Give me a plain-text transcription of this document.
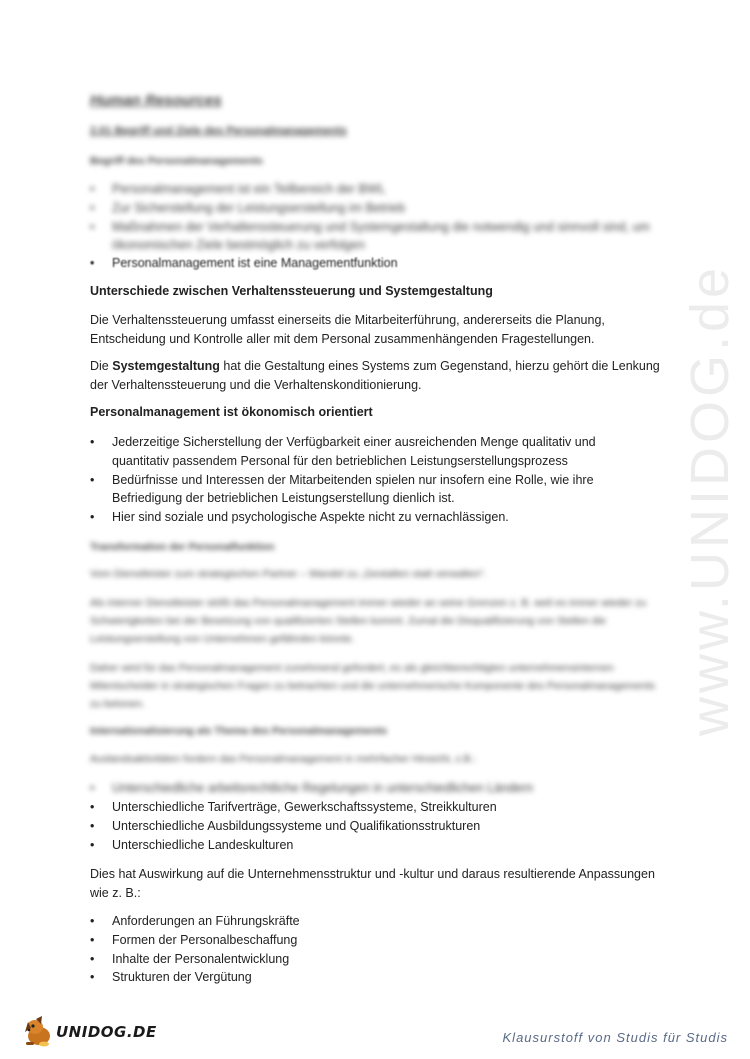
Human Resources
2.01 Begriff und Ziele des Personalmanagements
Begriff des Personalmanagements
• Personalmanagement ist ein Teilbereich der BWL
• Zur Sicherstellung der Leistungserstellung im Betrieb
• Maßnahmen der Verhaltenssteuerung und Systemgestaltung die notwendig und sinnvoll sind, um ökonomischen Ziele bestmöglich zu verfolgen
• Personalmanagement ist eine Managementfunktion
Unterschiede zwischen Verhaltenssteuerung und Systemgestaltung
Die Verhaltenssteuerung umfasst einerseits die Mitarbeiterführung, andererseits die Planung, Entscheidung und Kontrolle aller mit dem Personal zusammenhängenden Fragestellungen.
Die Systemgestaltung hat die Gestaltung eines Systems zum Gegenstand, hierzu gehört die Lenkung der Verhaltenssteuerung und die Verhaltenskonditionierung.
Personalmanagement ist ökonomisch orientiert
• Jederzeitige Sicherstellung der Verfügbarkeit einer ausreichenden Menge qualitativ und quantitativ passendem Personal für den betrieblichen Leistungserstellungsprozess
• Bedürfnisse und Interessen der Mitarbeitenden spielen nur insofern eine Rolle, wie ihre Befriedigung der betrieblichen Leistungserstellung dienlich ist.
• Hier sind soziale und psychologische Aspekte nicht zu vernachlässigen.
Transformation der Personalfunktion
Vom Dienstleister zum strategischen Partner – Wandel zu „Gestalten statt verwalten".
Als interner Dienstleister stößt das Personalmanagement immer wieder an seine Grenzen z. B. weil es immer wieder zu Schwierigkeiten bei der Besetzung von qualifizierten Stellen kommt. Zumal die Disqualifizierung von Stellen die Leistungserstellung von Unternehmen gefährden könnte.
Daher wird für das Personalmanagement zunehmend gefordert, es als gleichberechtigten unternehmensinternen Mitentscheider in strategischen Fragen zu betrachten und die unternehmerische Komponente des Personalmanagements zu betonen.
Internationalisierung als Thema des Personalmanagements
Auslandsaktivitäten fordern das Personalmanagement in mehrfacher Hinsicht, z.B.:
• Unterschiedliche arbeitsrechtliche Regelungen in unterschiedlichen Ländern
• Unterschiedliche Tarifverträge, Gewerkschaftssysteme, Streikkulturen
• Unterschiedliche Ausbildungssysteme und Qualifikationsstrukturen
• Unterschiedliche Landeskulturen
Dies hat Auswirkung auf die Unternehmensstruktur und -kultur und daraus resultierende Anpassungen wie z. B.:
• Anforderungen an Führungskräfte
• Formen der Personalbeschaffung
• Inhalte der Personalentwicklung
• Strukturen der Vergütung
www.UNIDOG.de
UNIDOG.DE	Klausurstoff von Studis für Studis
